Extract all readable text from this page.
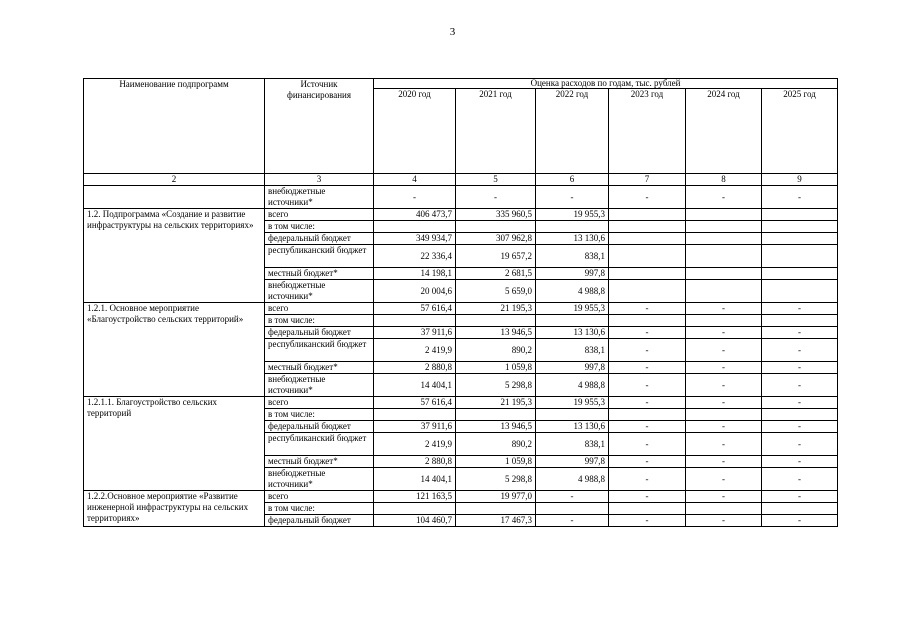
3
Наименование подпрограмм	Источник финансирования	Оценка расходов по годам, тыс. рублей					
		2020 год	2021 год	2022 год	2023 год	2024 год	2025 год
2	3	4	5	6	7	8	9
	внебюджетные источники*	-	-	-	-	-	-
1.2. Подпрограмма «Создание и развитие инфраструктуры на сельских территориях»	всего	406 473,7	335 960,5	19 955,3			
	в том числе:						
	федеральный бюджет	349 934,7	307 962,8	13 130,6			
	республиканский бюджет	22 336,4	19 657,2	838,1			
	местный бюджет*	14 198,1	2 681,5	997,8			
	внебюджетные источники*	20 004,6	5 659,0	4 988,8			
1.2.1. Основное мероприятие «Благоустройство сельских территорий»	всего	57 616,4	21 195,3	19 955,3	-	-	-
	в том числе:						
	федеральный бюджет	37 911,6	13 946,5	13 130,6	-	-	-
	республиканский бюджет	2 419,9	890,2	838,1	-	-	-
	местный бюджет*	2 880,8	1 059,8	997,8	-	-	-
	внебюджетные источники*	14 404,1	5 298,8	4 988,8	-	-	-
1.2.1.1. Благоустройство сельских территорий	всего	57 616,4	21 195,3	19 955,3	-	-	-
	в том числе:						
	федеральный бюджет	37 911,6	13 946,5	13 130,6	-	-	-
	республиканский бюджет	2 419,9	890,2	838,1	-	-	-
	местный бюджет*	2 880,8	1 059,8	997,8	-	-	-
	внебюджетные источники*	14 404,1	5 298,8	4 988,8	-	-	-
1.2.2.Основное мероприятие «Развитие инженерной инфраструктуры на сельских территориях»	всего	121 163,5	19 977,0	-	-	-	-
	в том числе:						
	федеральный бюджет	104 460,7	17 467,3	-	-	-	-
